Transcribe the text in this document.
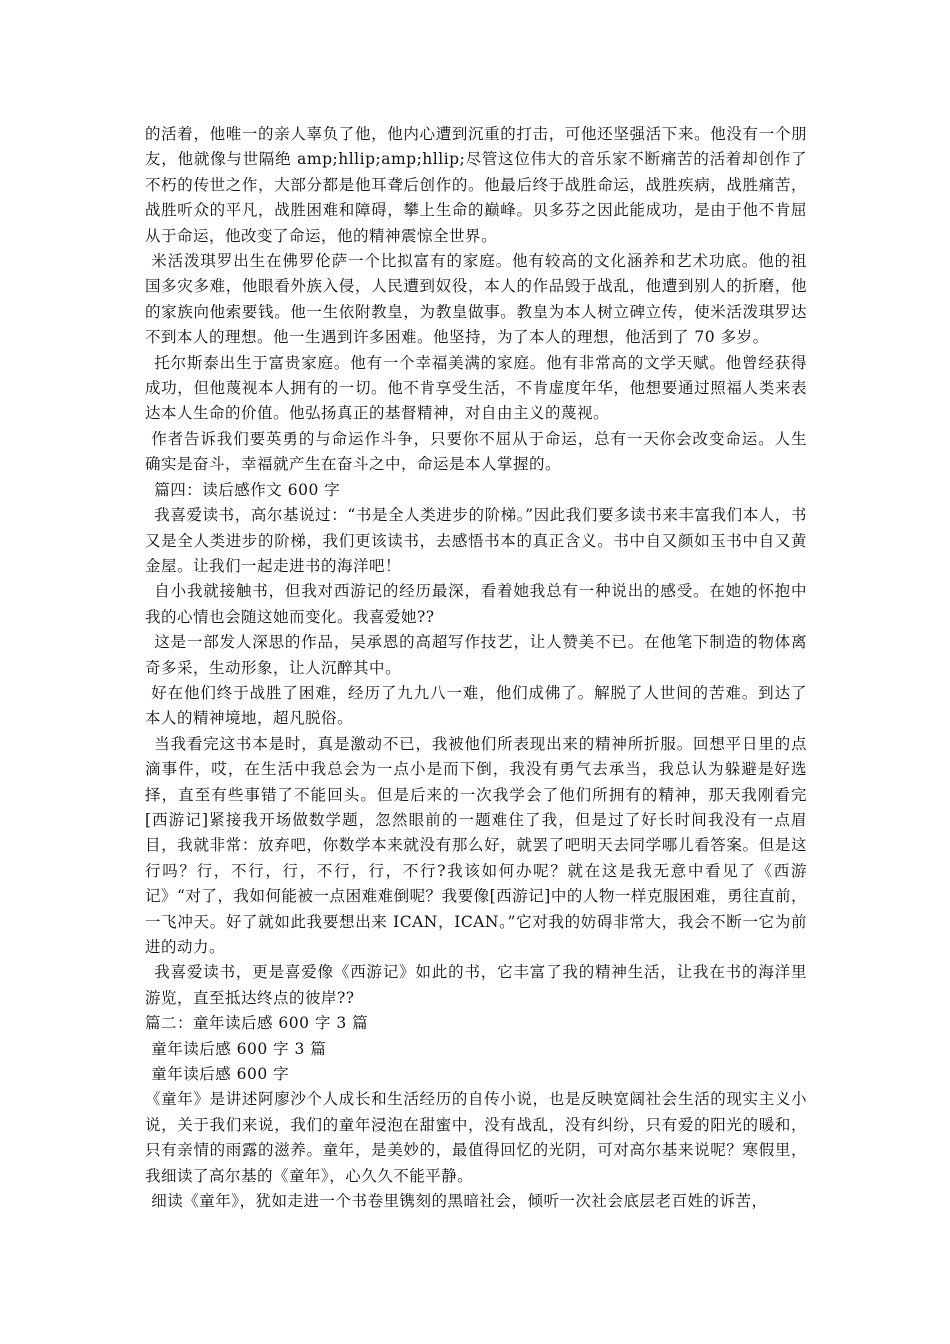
的活着，他唯一的亲人辜负了他，他内心遭到沉重的打击，可他还坚强活下来。他没有一个朋友，他就像与世隔绝 amp;hllip;amp;hllip;尽管这位伟大的音乐家不断痛苦的活着却创作了不朽的传世之作，大部分都是他耳聋后创作的。他最后终于战胜命运，战胜疾病，战胜痛苦，战胜听众的平凡，战胜困难和障碍，攀上生命的巅峰。贝多芬之因此能成功，是由于他不肯屈从于命运，他改变了命运，他的精神震惊全世界。

米活泼琪罗出生在佛罗伦萨一个比拟富有的家庭。他有较高的文化涵养和艺术功底。他的祖国多灾多难，他眼看外族入侵，人民遭到奴役，本人的作品毁于战乱，他遭到别人的折磨，他的家族向他索要钱。他一生依附教皇，为教皇做事。教皇为本人树立碑立传，使米活泼琪罗达不到本人的理想。他一生遇到许多困难。他坚持，为了本人的理想，他活到了 70 多岁。

托尔斯泰出生于富贵家庭。他有一个幸福美满的家庭。他有非常高的文学天赋。他曾经获得成功，但他蔑视本人拥有的一切。他不肯享受生活，不肯虚度年华，他想要通过照福人类来表达本人生命的价值。他弘扬真正的基督精神，对自由主义的蔑视。

作者告诉我们要英勇的与命运作斗争，只要你不屈从于命运，总有一天你会改变命运。人生确实是奋斗，幸福就产生在奋斗之中，命运是本人掌握的。

篇四：读后感作文 600 字

我喜爱读书，高尔基说过：“书是全人类进步的阶梯。”因此我们要多读书来丰富我们本人，书又是全人类进步的阶梯，我们更该读书，去感悟书本的真正含义。书中自又颜如玉书中自又黄金屋。让我们一起走进书的海洋吧！

自小我就接触书，但我对西游记的经历最深，看着她我总有一种说出的感受。在她的怀抱中我的心情也会随这她而变化。我喜爱她??

这是一部发人深思的作品，吴承恩的高超写作技艺，让人赞美不已。在他笔下制造的物体离奇多采，生动形象，让人沉醉其中。

好在他们终于战胜了困难，经历了九九八一难，他们成佛了。解脱了人世间的苦难。到达了本人的精神境地，超凡脱俗。

当我看完这书本是时，真是激动不已，我被他们所表现出来的精神所折服。回想平日里的点滴事件，哎，在生活中我总会为一点小是而下倒，我没有勇气去承当，我总认为躲避是好选择，直至有些事错了不能回头。但是后来的一次我学会了他们所拥有的精神，那天我刚看完[西游记]紧接我开场做数学题，忽然眼前的一题难住了我，但是过了好长时间我没有一点眉目，我就非常：放弃吧，你数学本来就没有那么好，就罢了吧明天去同学哪儿看答案。但是这行吗？行，不行，行，不行，行，不行?我该如何办呢？就在这是我无意中看见了《西游记》“对了，我如何能被一点困难难倒呢？我要像[西游记]中的人物一样克服困难，勇往直前，一飞冲天。好了就如此我要想出来 ICAN，ICAN。”它对我的妨碍非常大，我会不断一它为前进的动力。

我喜爱读书，更是喜爱像《西游记》如此的书，它丰富了我的精神生活，让我在书的海洋里游览，直至抵达终点的彼岸??

篇二：童年读后感 600 字 3 篇

童年读后感 600 字 3 篇

童年读后感 600 字

《童年》是讲述阿廖沙个人成长和生活经历的自传小说，也是反映宽阔社会生活的现实主义小说，关于我们来说，我们的童年浸泡在甜蜜中，没有战乱，没有纠纷，只有爱的阳光的暖和，只有亲情的雨露的滋养。童年，是美妙的，最值得回忆的光阴，可对高尔基来说呢？寒假里，我细读了高尔基的《童年》，心久久不能平静。

细读《童年》，犹如走进一个书卷里镌刻的黑暗社会，倾听一次社会底层老百姓的诉苦，
